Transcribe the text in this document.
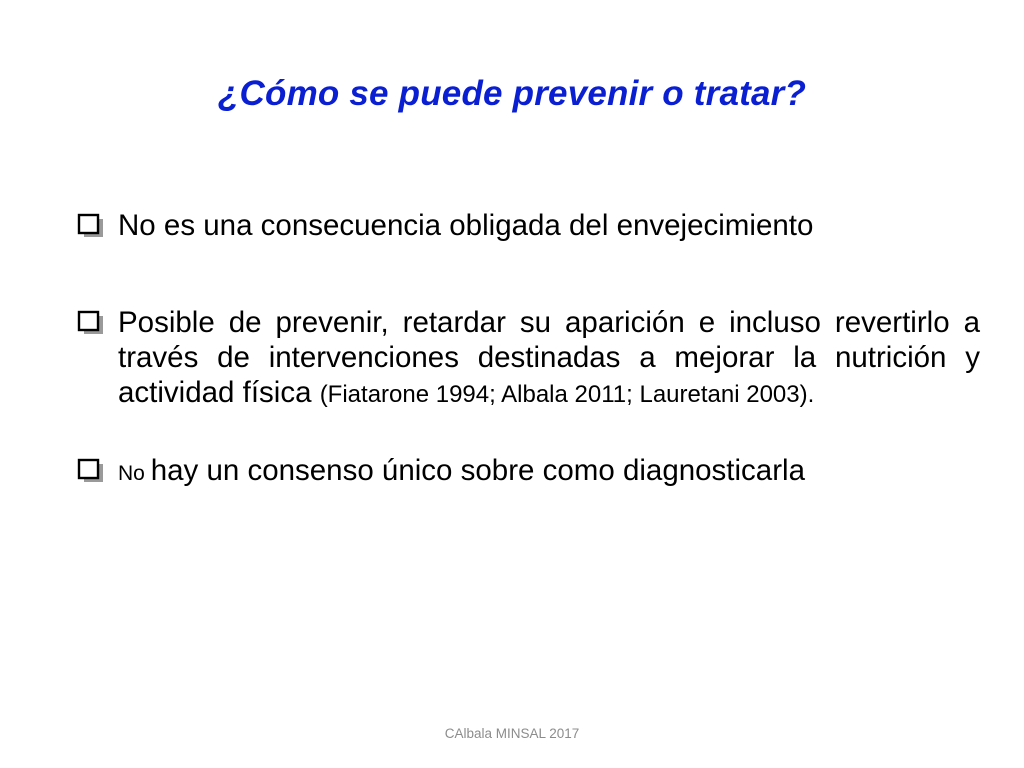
¿Cómo se puede prevenir o tratar?
No es una consecuencia obligada del envejecimiento
Posible de prevenir, retardar su aparición e incluso revertirlo a través de intervenciones destinadas a mejorar la nutrición y actividad física (Fiatarone 1994; Albala 2011; Lauretani 2003).
No hay un consenso único sobre como diagnosticarla
CAlbala MINSAL 2017
